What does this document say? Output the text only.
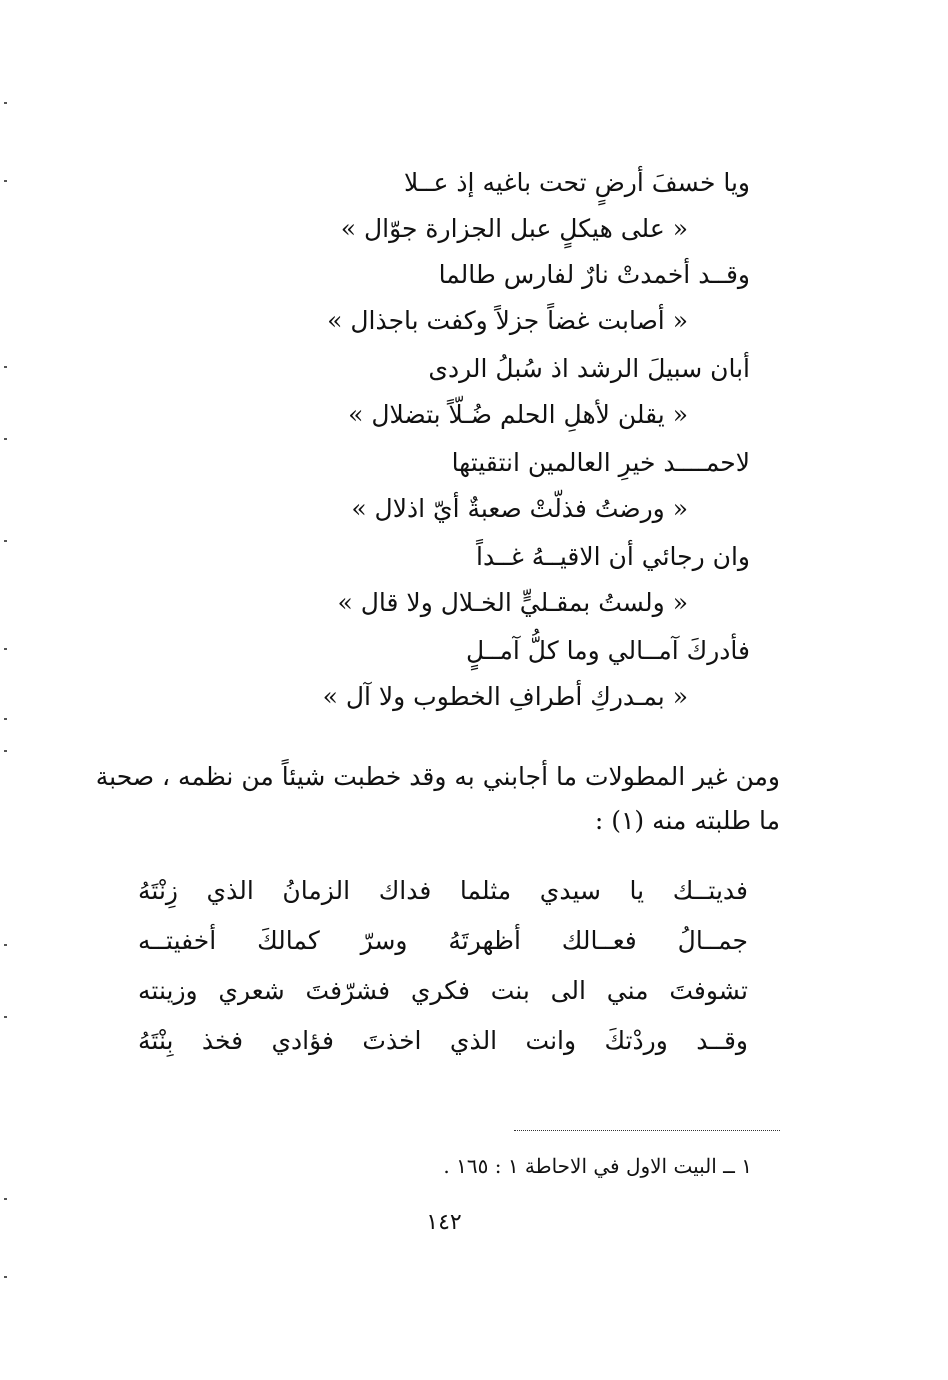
ويا خسفَ أرضٍ تحت باغيه إذ عــلا
« على هيكلٍ عبل الجزارة جوّال »
وقــد أخمدتْ نارٌ لفارس طالما
« أصابت غضاً جزلاً وكفت باجذال »
أبان سبيلَ الرشد اذ سُبلُ الردى
« يقلن لأهلِ الحلم ضُـلّاً بتضلال »
لاحمــــد خيرِ العالمين انتقيتها
« ورضتُ فذلّتْ صعبةٌ أيّ اذلال »
وان رجائي أن الاقيــهُ غــداً
« ولستُ بمقـليٍّ الخـلال ولا قال »
فأدركَ آمــالي وما كلُّ آمــلٍ
« بمـدركِ أطرافِ الخطوب ولا آل »
ومن غير المطولات ما أجابني به وقد خطبت شيئاً من نظمه ، صحبة
ما طلبته منه (١) :
فديتــك يا سيدي مثلما فداك الزمانُ الذي زِنْتَهُ
جمــالُ فعــالك أظهرتَهُ وسرّ كمالكَ أخفيتــه
تشوفتَ مني الى بنت فكري فشرّفتَ شعري وزينته
وقــد وردْتكَ وانت الذي اخذتَ فؤادي فخذ بِنْتَهُ
١ ــ البيت الاول في الاحاطة ١ : ١٦٥ .
١٤٢
